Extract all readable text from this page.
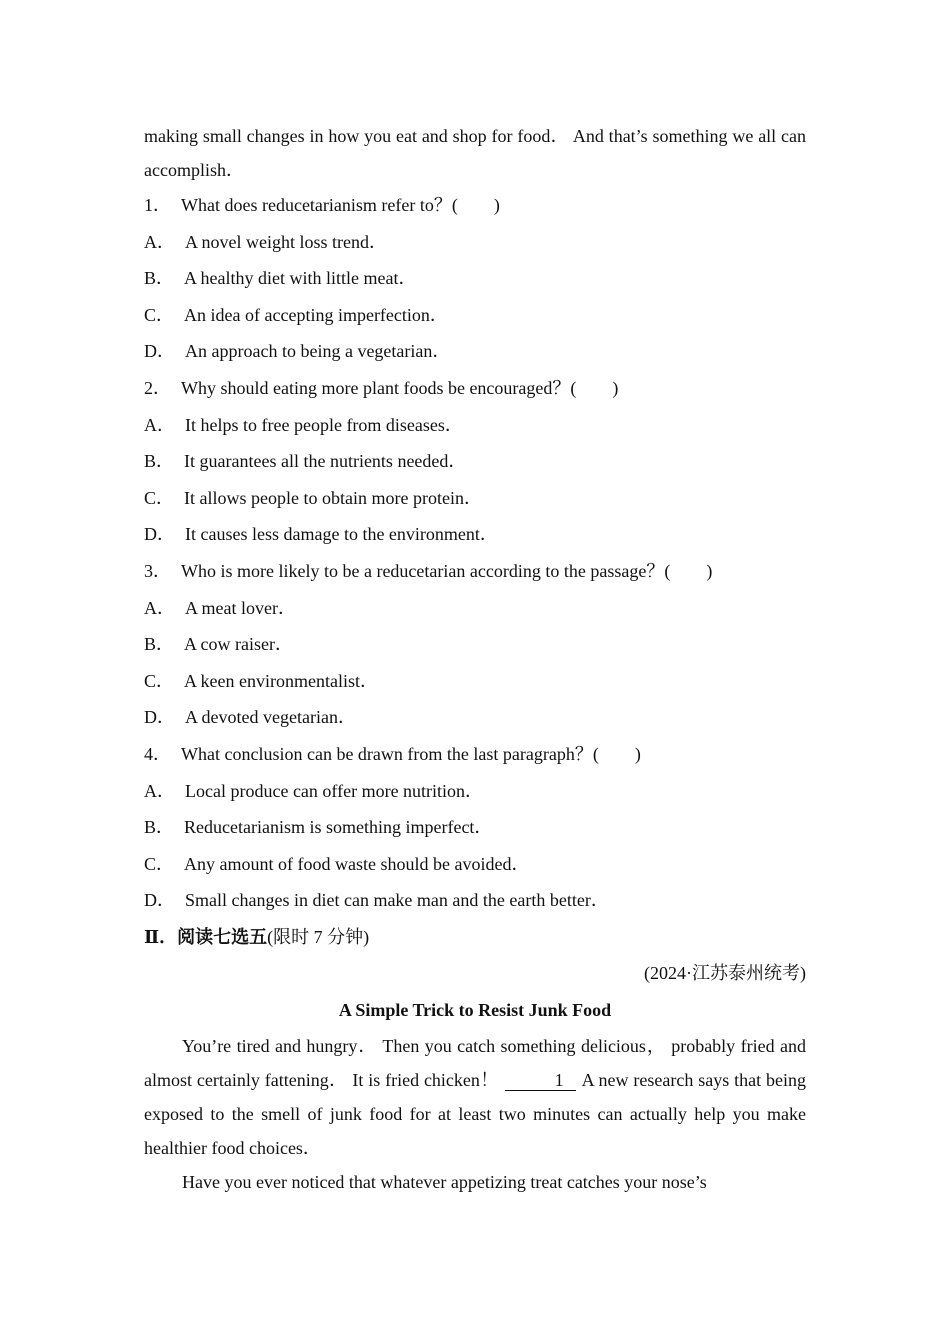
making small changes in how you eat and shop for food． And that’s something we all can accomplish．

1． What does reducetarianism refer to？( )
A． A novel weight loss trend．
B． A healthy diet with little meat．
C． An idea of accepting imperfection．
D． An approach to being a vegetarian．
2． Why should eating more plant foods be encouraged？( )
A． It helps to free people from diseases．
B． It guarantees all the nutrients needed．
C． It allows people to obtain more protein．
D． It causes less damage to the environment．
3． Who is more likely to be a reducetarian according to the passage？( )
A． A meat lover．
B． A cow raiser．
C． A keen environmentalist．
D． A devoted vegetarian．
4． What conclusion can be drawn from the last paragraph？( )
A． Local produce can offer more nutrition．
B． Reducetarianism is something imperfect．
C． Any amount of food waste should be avoided．
D． Small changes in diet can make man and the earth better．
Ⅱ．阅读七选五(限时 7 分钟)
(2024·江苏泰州统考)
A Simple Trick to Resist Junk Food

You’re tired and hungry． Then you catch something delicious， probably fried and almost certainly fattening． It is fried chicken！	1 A new research says that being exposed to the smell of junk food for at least two minutes can actually help you make healthier food choices．

Have you ever noticed that whatever appetizing treat catches your nose’s
